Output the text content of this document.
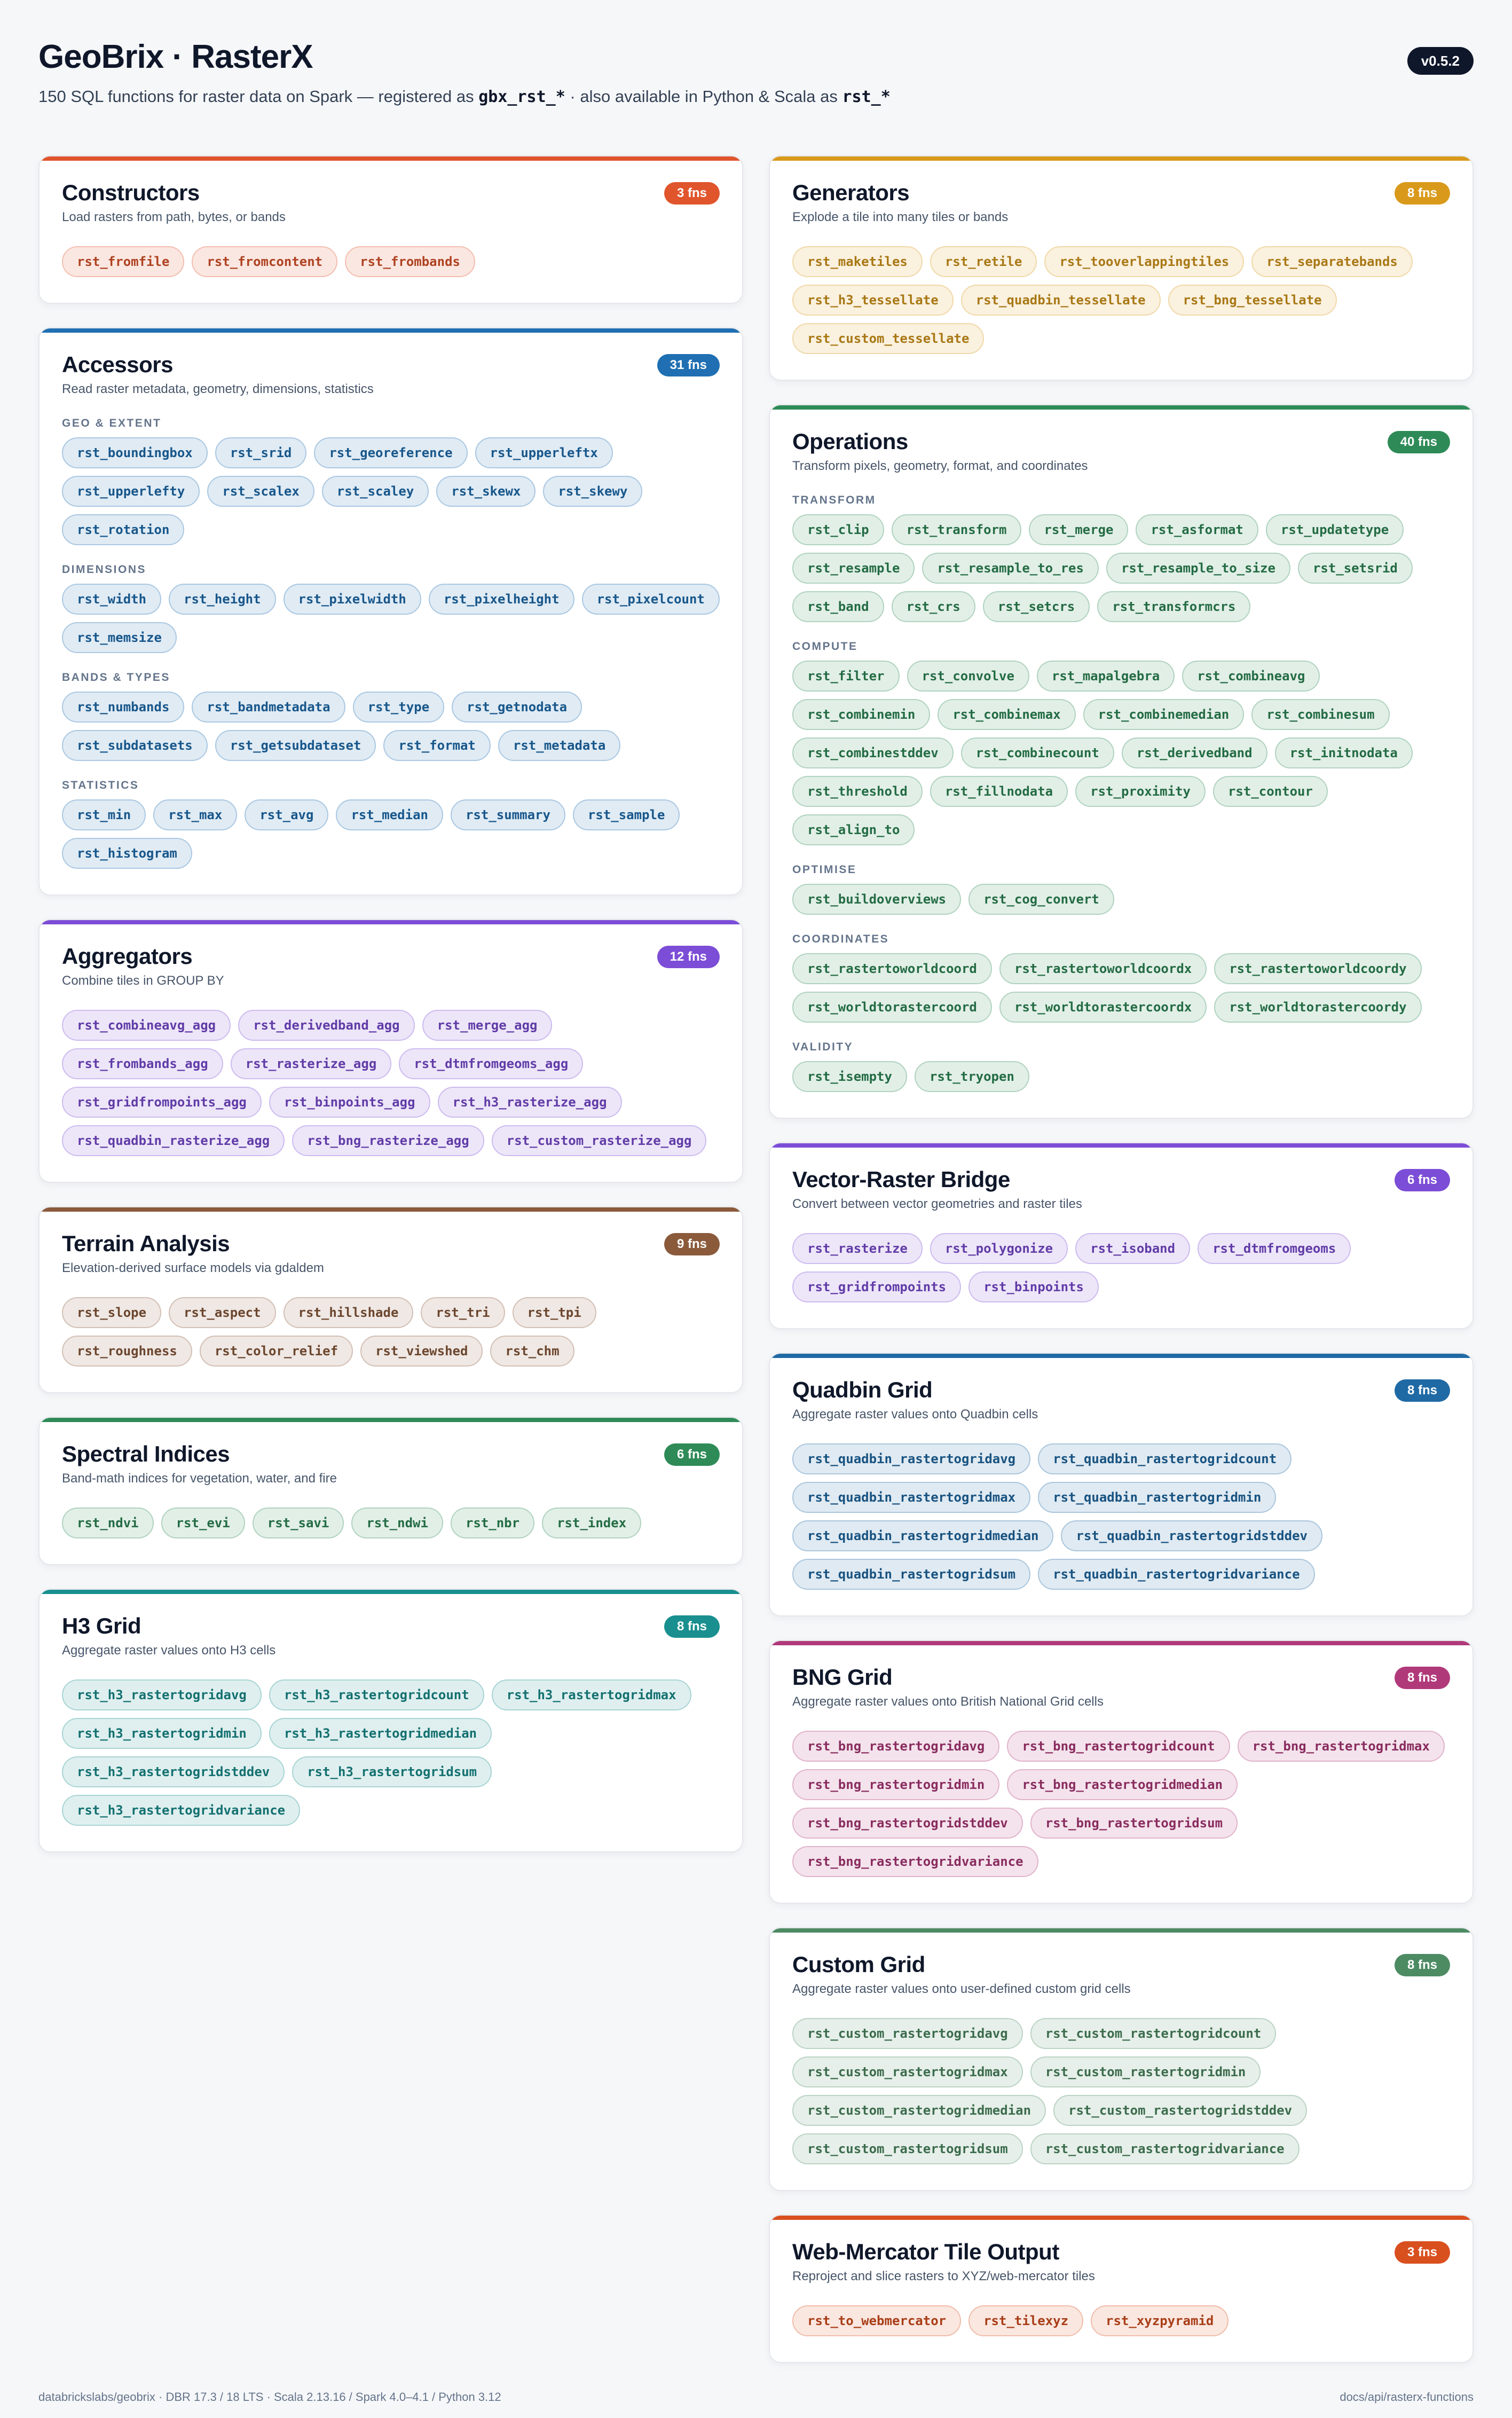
GeoBrix · RasterX
150 SQL functions for raster data on Spark — registered as gbx_rst_* · also available in Python & Scala as rst_*
v0.5.2
Constructors
Load rasters from path, bytes, or bands
3 fns
rst_fromfile	rst_fromcontent	rst_frombands
Accessors
Read raster metadata, geometry, dimensions, statistics
31 fns
GEO & EXTENT
rst_boundingbox	rst_srid	rst_georeference	rst_upperleftx
rst_upperlefty	rst_scalex	rst_scaley	rst_skewx	rst_skewy
rst_rotation
DIMENSIONS
rst_width	rst_height	rst_pixelwidth	rst_pixelheight	rst_pixelcount
rst_memsize
BANDS & TYPES
rst_numbands	rst_bandmetadata	rst_type	rst_getnodata
rst_subdatasets	rst_getsubdataset	rst_format	rst_metadata
STATISTICS
rst_min	rst_max	rst_avg	rst_median	rst_summary	rst_sample
rst_histogram
Aggregators
Combine tiles in GROUP BY
12 fns
rst_combineavg_agg	rst_derivedband_agg	rst_merge_agg
rst_frombands_agg	rst_rasterize_agg	rst_dtmfromgeoms_agg
rst_gridfrompoints_agg	rst_binpoints_agg	rst_h3_rasterize_agg
rst_quadbin_rasterize_agg	rst_bng_rasterize_agg	rst_custom_rasterize_agg
Terrain Analysis
Elevation-derived surface models via gdaldem
9 fns
rst_slope	rst_aspect	rst_hillshade	rst_tri	rst_tpi
rst_roughness	rst_color_relief	rst_viewshed	rst_chm
Spectral Indices
Band-math indices for vegetation, water, and fire
6 fns
rst_ndvi	rst_evi	rst_savi	rst_ndwi	rst_nbr	rst_index
H3 Grid
Aggregate raster values onto H3 cells
8 fns
rst_h3_rastertogridavg	rst_h3_rastertogridcount	rst_h3_rastertogridmax
rst_h3_rastertogridmin	rst_h3_rastertogridmedian
rst_h3_rastertogridstddev	rst_h3_rastertogridsum
rst_h3_rastertogridvariance
Generators
Explode a tile into many tiles or bands
8 fns
rst_maketiles	rst_retile	rst_tooverlappingtiles	rst_separatebands
rst_h3_tessellate	rst_quadbin_tessellate	rst_bng_tessellate
rst_custom_tessellate
Operations
Transform pixels, geometry, format, and coordinates
40 fns
TRANSFORM
rst_clip	rst_transform	rst_merge	rst_asformat	rst_updatetype
rst_resample	rst_resample_to_res	rst_resample_to_size	rst_setsrid
rst_band	rst_crs	rst_setcrs	rst_transformcrs
COMPUTE
rst_filter	rst_convolve	rst_mapalgebra	rst_combineavg
rst_combinemin	rst_combinemax	rst_combinemedian	rst_combinesum
rst_combinestddev	rst_combinecount	rst_derivedband	rst_initnodata
rst_threshold	rst_fillnodata	rst_proximity	rst_contour
rst_align_to
OPTIMISE
rst_buildoverviews	rst_cog_convert
COORDINATES
rst_rastertoworldcoord	rst_rastertoworldcoordx	rst_rastertoworldcoordy
rst_worldtorastercoord	rst_worldtorastercoordx	rst_worldtorastercoordy
VALIDITY
rst_isempty	rst_tryopen
Vector-Raster Bridge
Convert between vector geometries and raster tiles
6 fns
rst_rasterize	rst_polygonize	rst_isoband	rst_dtmfromgeoms
rst_gridfrompoints	rst_binpoints
Quadbin Grid
Aggregate raster values onto Quadbin cells
8 fns
rst_quadbin_rastertogridavg	rst_quadbin_rastertogridcount
rst_quadbin_rastertogridmax	rst_quadbin_rastertogridmin
rst_quadbin_rastertogridmedian	rst_quadbin_rastertogridstddev
rst_quadbin_rastertogridsum	rst_quadbin_rastertogridvariance
BNG Grid
Aggregate raster values onto British National Grid cells
8 fns
rst_bng_rastertogridavg	rst_bng_rastertogridcount	rst_bng_rastertogridmax
rst_bng_rastertogridmin	rst_bng_rastertogridmedian
rst_bng_rastertogridstddev	rst_bng_rastertogridsum
rst_bng_rastertogridvariance
Custom Grid
Aggregate raster values onto user-defined custom grid cells
8 fns
rst_custom_rastertogridavg	rst_custom_rastertogridcount
rst_custom_rastertogridmax	rst_custom_rastertogridmin
rst_custom_rastertogridmedian	rst_custom_rastertogridstddev
rst_custom_rastertogridsum	rst_custom_rastertogridvariance
Web-Mercator Tile Output
Reproject and slice rasters to XYZ/web-mercator tiles
3 fns
rst_to_webmercator	rst_tilexyz	rst_xyzpyramid
databrickslabs/geobrix · DBR 17.3 / 18 LTS · Scala 2.13.16 / Spark 4.0–4.1 / Python 3.12	docs/api/rasterx-functions
